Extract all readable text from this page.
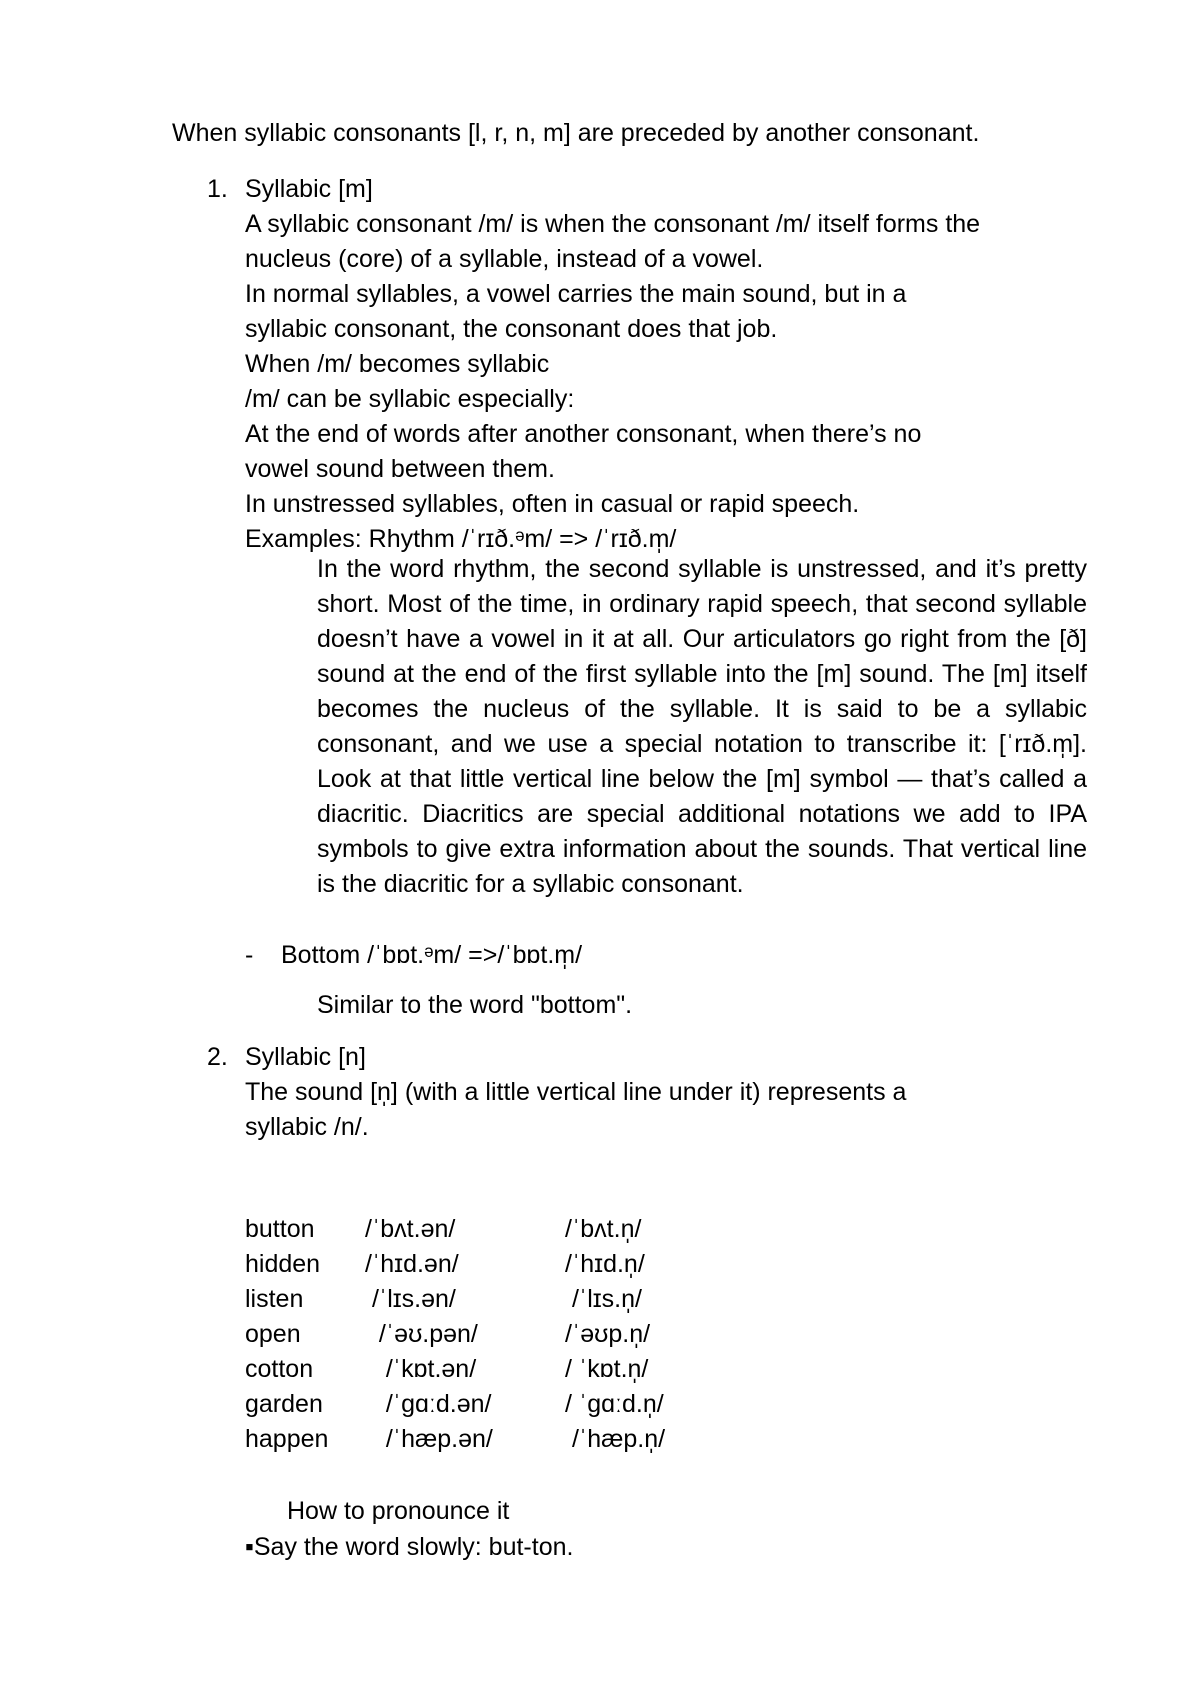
When syllabic consonants [l, r, n, m] are preceded by another consonant.
1. Syllabic [m]
A syllabic consonant /m/ is when the consonant /m/ itself forms the
nucleus (core) of a syllable, instead of a vowel.
In normal syllables, a vowel carries the main sound, but in a
syllabic consonant, the consonant does that job.
When /m/ becomes syllabic
/m/ can be syllabic especially:
At the end of words after another consonant, when there’s no
vowel sound between them.
In unstressed syllables, often in casual or rapid speech.
Examples: Rhythm /ˈrɪð.ᵊm/ => /ˈrɪð.m̩/
In the word rhythm, the second syllable is unstressed, and it’s pretty short. Most of the time, in ordinary rapid speech, that second syllable doesn’t have a vowel in it at all. Our articulators go right from the [ð] sound at the end of the first syllable into the [m] sound. The [m] itself becomes the nucleus of the syllable. It is said to be a syllabic consonant, and we use a special notation to transcribe it: [ˈrɪð.m̩]. Look at that little vertical line below the [m] symbol — that’s called a diacritic. Diacritics are special additional notations we add to IPA symbols to give extra information about the sounds. That vertical line is the diacritic for a syllabic consonant.
- Bottom /ˈbɒt.ᵊm/ =>/ˈbɒt.m̩/
Similar to the word "bottom".
2. Syllabic [n]
The sound [n̩] (with a little vertical line under it) represents a
syllabic /n/.
button	/ˈbʌt.ən/	/ˈbʌt.n̩/
hidden	/ˈhɪd.ən/	/ˈhɪd.n̩/
listen	/ˈlɪs.ən/	/ˈlɪs.n̩/
open	/ˈəʊ.pən/	/ˈəʊp.n̩/
cotton	/ˈkɒt.ən/	/ ˈkɒt.n̩/
garden	/ˈɡɑːd.ən/	/ ˈɡɑːd.n̩/
happen	/ˈhæp.ən/	/ˈhæp.n̩/
How to pronounce it
▪Say the word slowly: but-ton.
